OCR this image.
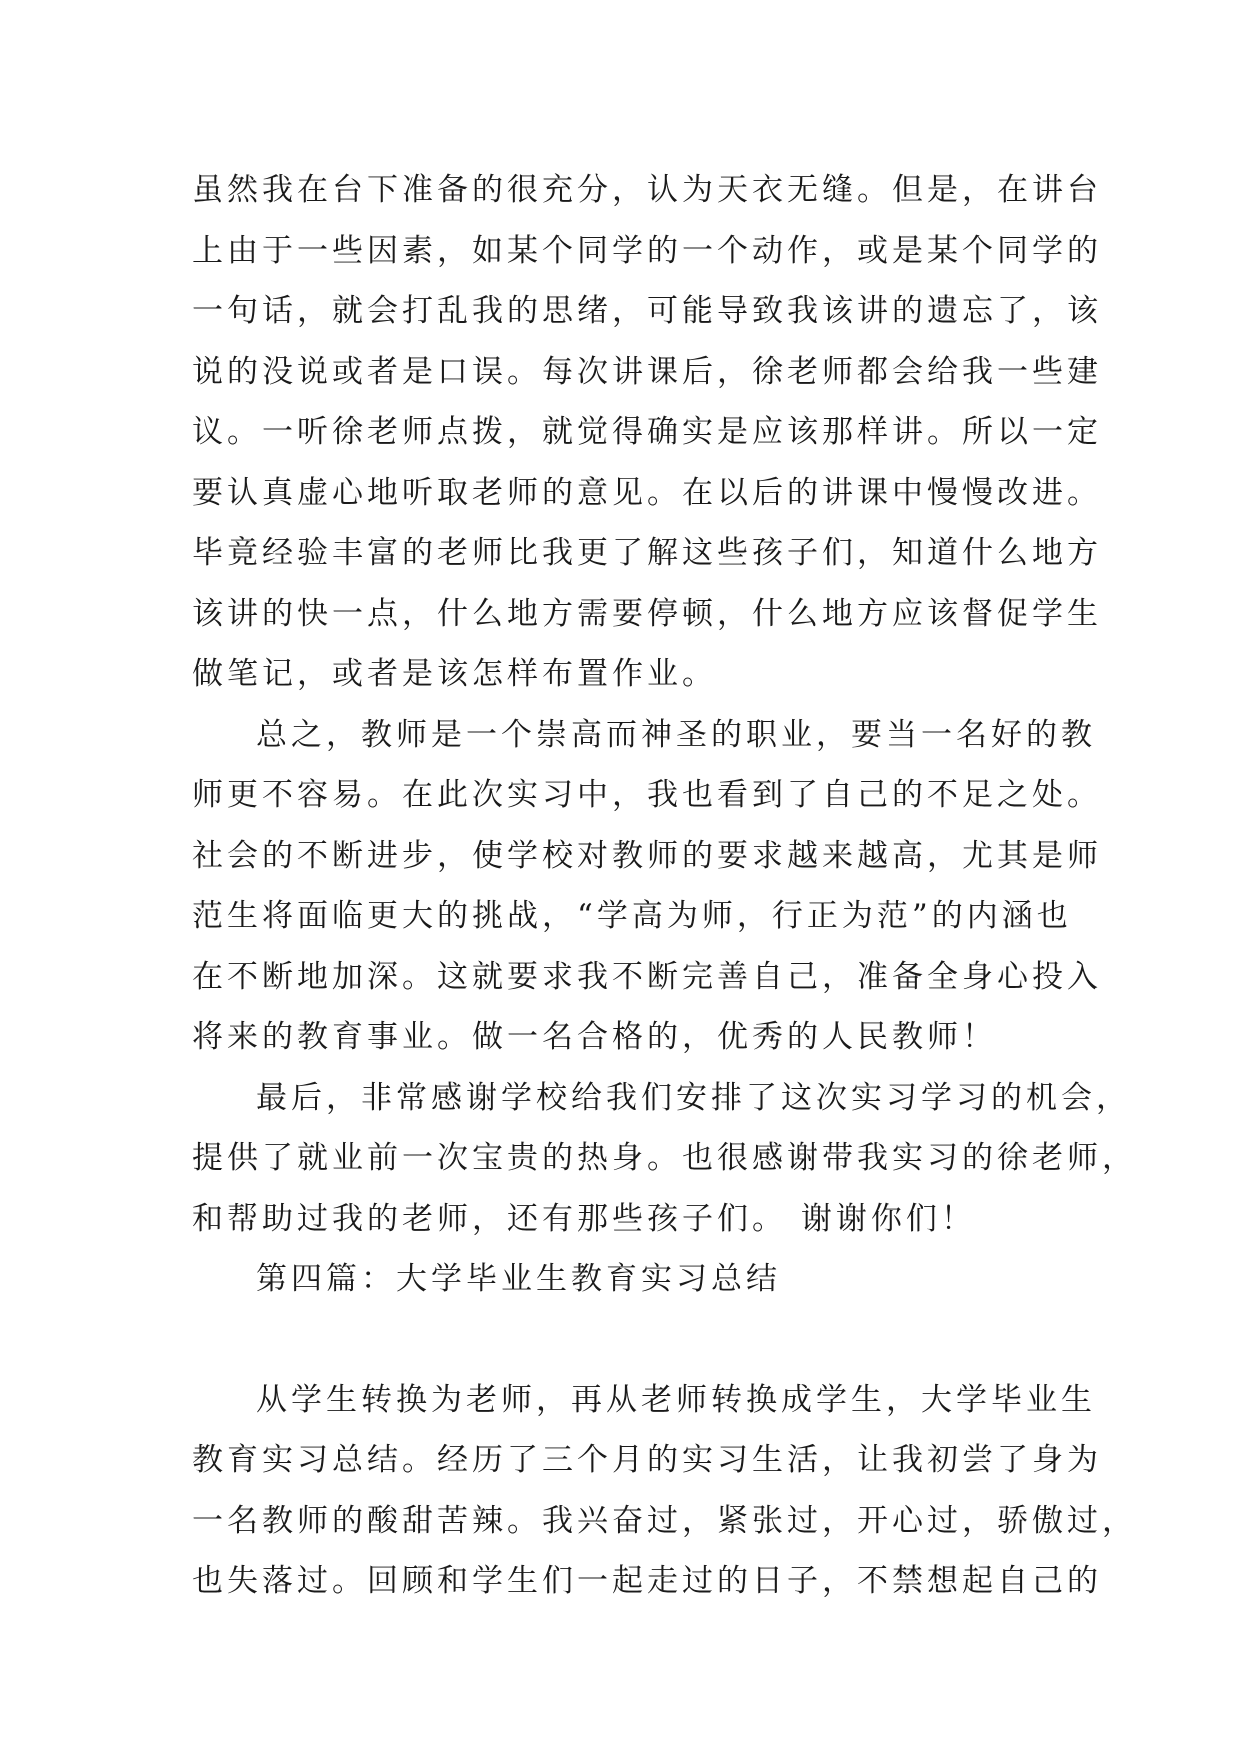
虽然我在台下准备的很充分，认为天衣无缝。但是，在讲台
上由于一些因素，如某个同学的一个动作，或是某个同学的
一句话，就会打乱我的思绪，可能导致我该讲的遗忘了，该
说的没说或者是口误。每次讲课后，徐老师都会给我一些建
议。一听徐老师点拨，就觉得确实是应该那样讲。所以一定
要认真虚心地听取老师的意见。在以后的讲课中慢慢改进。
毕竟经验丰富的老师比我更了解这些孩子们，知道什么地方
该讲的快一点，什么地方需要停顿，什么地方应该督促学生
做笔记，或者是该怎样布置作业。
总之，教师是一个崇高而神圣的职业，要当一名好的教
师更不容易。在此次实习中，我也看到了自己的不足之处。
社会的不断进步，使学校对教师的要求越来越高，尤其是师
范生将面临更大的挑战，“学高为师，行正为范”的内涵也
在不断地加深。这就要求我不断完善自己，准备全身心投入
将来的教育事业。做一名合格的，优秀的人民教师！
最后，非常感谢学校给我们安排了这次实习学习的机会，
提供了就业前一次宝贵的热身。也很感谢带我实习的徐老师，
和帮助过我的老师，还有那些孩子们。 谢谢你们！
第四篇：大学毕业生教育实习总结
从学生转换为老师，再从老师转换成学生，大学毕业生
教育实习总结。经历了三个月的实习生活，让我初尝了身为
一名教师的酸甜苦辣。我兴奋过，紧张过，开心过，骄傲过，
也失落过。回顾和学生们一起走过的日子，不禁想起自己的
